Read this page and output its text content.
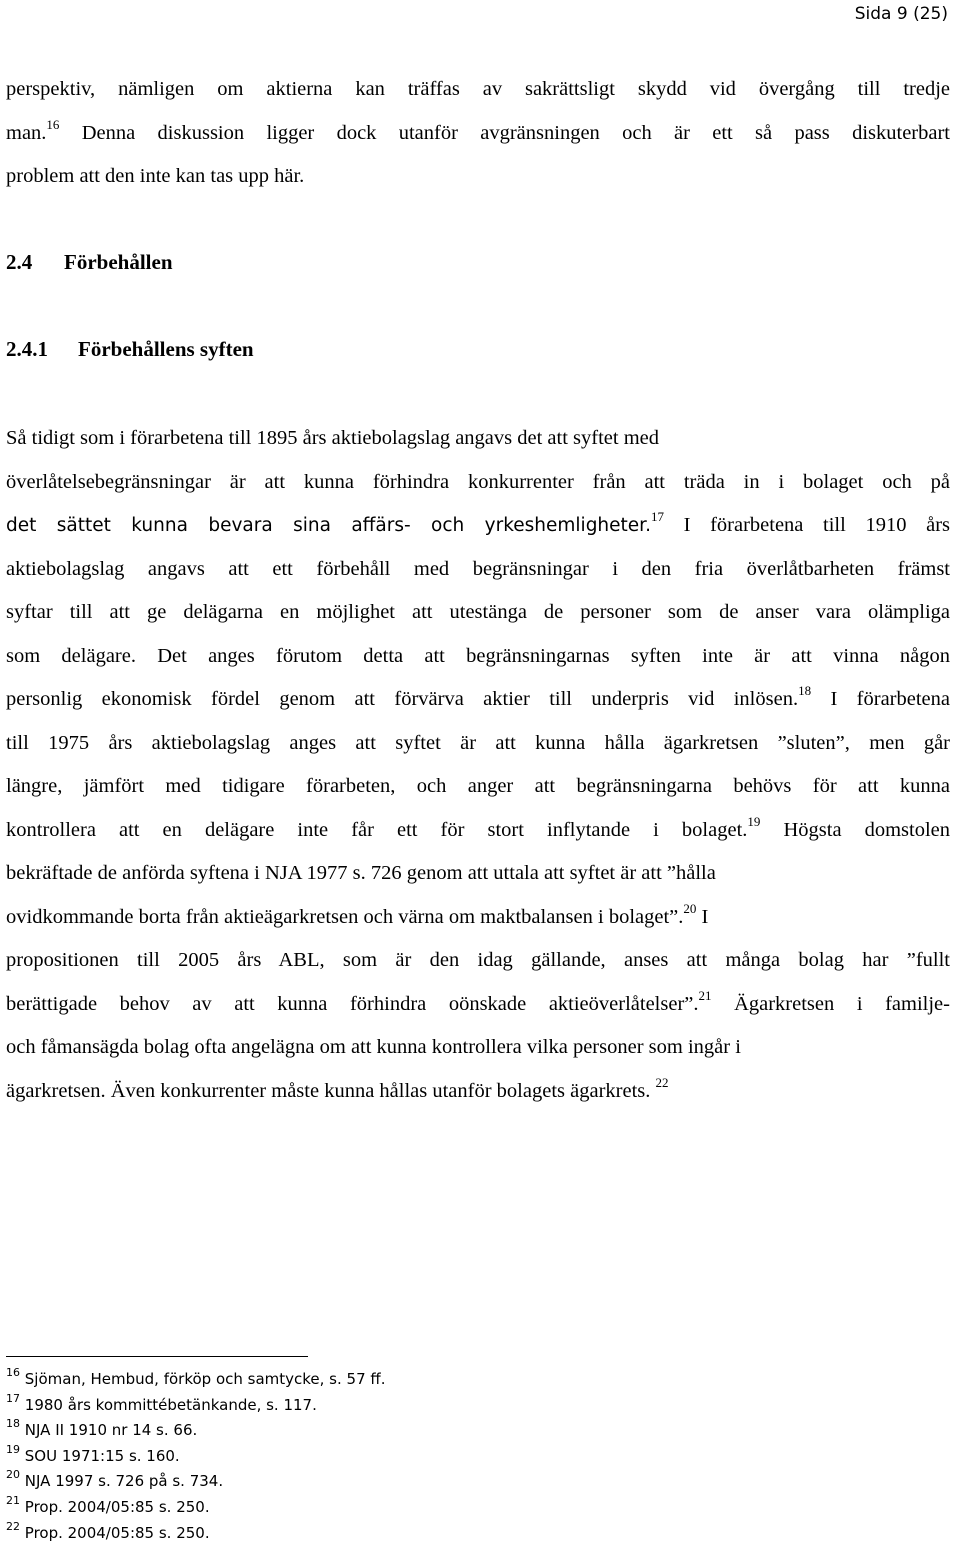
Sida 9 (25)

perspektiv, nämligen om aktierna kan träffas av sakrättsligt skydd vid övergång till tredje
man.$^{16}$ Denna diskussion ligger dock utanför avgränsningen och är ett så pass diskuterbart
problem att den inte kan tas upp här.

2.4 Förbehållen
2.4.1 Förbehållens syften

Så tidigt som i förarbetena till 1895 års aktiebolagslag angavs det att syftet med
överlåtelsebegränsningar är att kunna förhindra konkurrenter från att träda in i bolaget och på
det sättet kunna bevara sina affärs- och yrkeshemligheter.$^{17}$ I förarbetena till 1910 års
aktiebolagslag angavs att ett förbehåll med begränsningar i den fria överlåtbarheten främst
syftar till att ge delägarna en möjlighet att utestänga de personer som de anser vara olämpliga
som delägare. Det anges förutom detta att begränsningarnas syften inte är att vinna någon
personlig ekonomisk fördel genom att förvärva aktier till underpris vid inlösen.$^{18}$ I förarbetena
till 1975 års aktiebolagslag anges att syftet är att kunna hålla ägarkretsen ”sluten”, men går
längre, jämfört med tidigare förarbeten, och anger att begränsningarna behövs för att kunna
kontrollera att en delägare inte får ett för stort inflytande i bolaget.$^{19}$ Högsta domstolen
bekräftade de anförda syftena i NJA 1977 s. 726 genom att uttala att syftet är att ”hålla
ovidkommande borta från aktieägarkretsen och värna om maktbalansen i bolaget”.$^{20}$ I
propositionen till 2005 års ABL, som är den idag gällande, anses att många bolag har ”fullt
berättigade behov av att kunna förhindra oönskade aktieöverlåtelser”.$^{21}$ Ägarkretsen i familje-
och fåmansägda bolag ofta angelägna om att kunna kontrollera vilka personer som ingår i
ägarkretsen. Även konkurrenter måste kunna hållas utanför bolagets ägarkrets. $^{22}$

$^{16}$ Sjöman, Hembud, förköp och samtycke, s. 57 ff.
$^{17}$ 1980 års kommittébetänkande, s. 117.
$^{18}$ NJA II 1910 nr 14 s. 66.
$^{19}$ SOU 1971:15 s. 160.
$^{20}$ NJA 1997 s. 726 på s. 734.
$^{21}$ Prop. 2004/05:85 s. 250.
$^{22}$ Prop. 2004/05:85 s. 250.
